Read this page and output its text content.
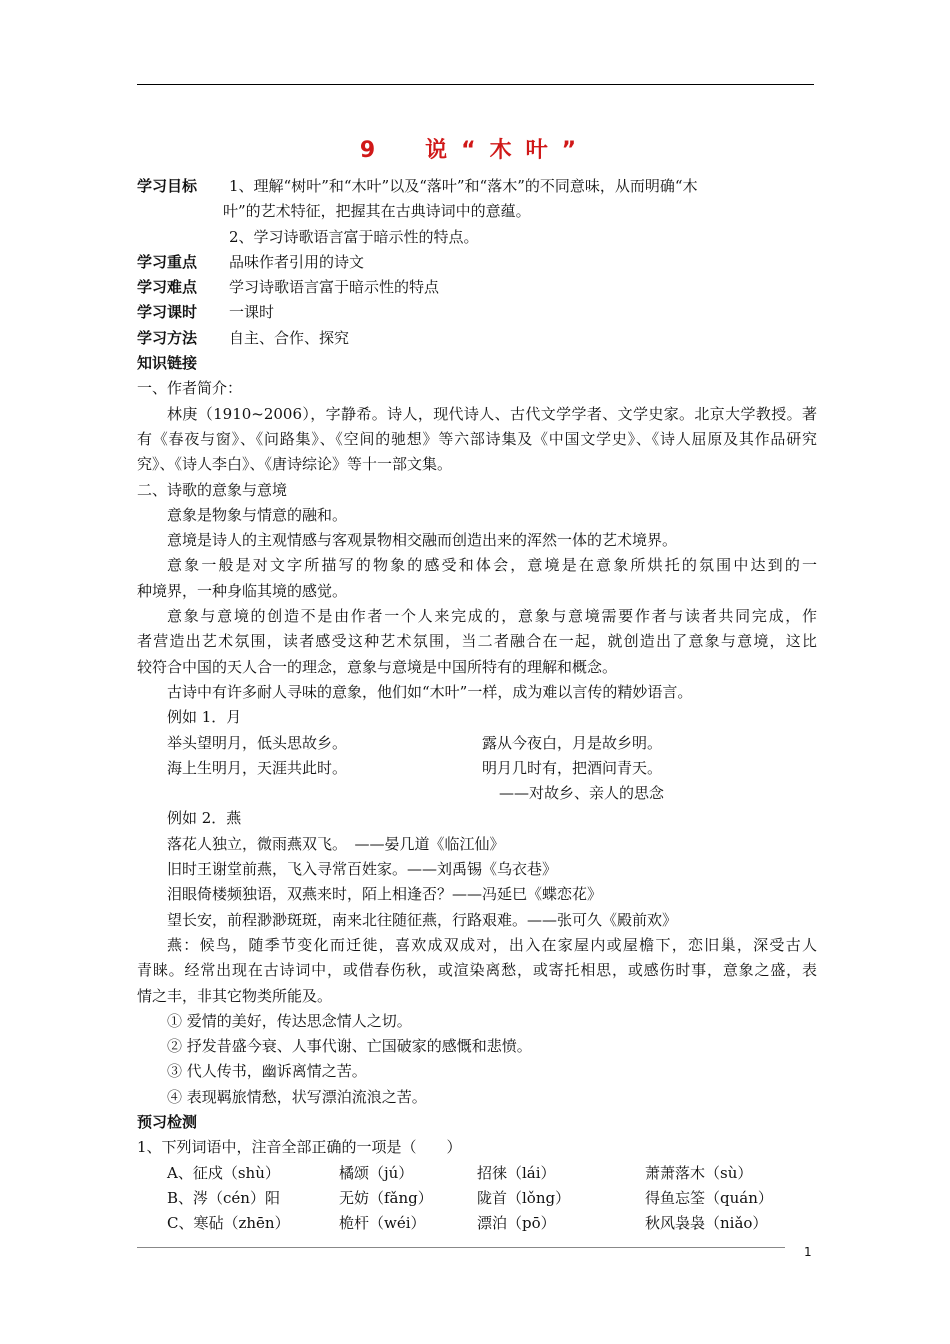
9　说“木叶”
学习目标 1、理解“树叶”和“木叶”以及“落叶”和“落木”的不同意味，从而明确“木
叶”的艺术特征，把握其在古典诗词中的意蕴。
2、学习诗歌语言富于暗示性的特点。
学习重点 品味作者引用的诗文
学习难点 学习诗歌语言富于暗示性的特点
学习课时 一课时
学习方法 自主、合作、探究
知识链接
一、作者简介：
林庚（1910~2006），字静希。诗人，现代诗人、古代文学学者、文学史家。北京大学教授。著
有《春夜与窗》、《问路集》、《空间的驰想》等六部诗集及《中国文学史》、《诗人屈原及其作品研究
究》、《诗人李白》、《唐诗综论》等十一部文集。
二、诗歌的意象与意境
意象是物象与情意的融和。
意境是诗人的主观情感与客观景物相交融而创造出来的浑然一体的艺术境界。
意象一般是对文字所描写的物象的感受和体会，意境是在意象所烘托的氛围中达到的一
种境界，一种身临其境的感觉。
意象与意境的创造不是由作者一个人来完成的，意象与意境需要作者与读者共同完成，作
者营造出艺术氛围，读者感受这种艺术氛围，当二者融合在一起，就创造出了意象与意境，这比
较符合中国的天人合一的理念，意象与意境是中国所特有的理解和概念。
古诗中有许多耐人寻味的意象，他们如“木叶”一样，成为难以言传的精妙语言。
例如 1．月
举头望明月，低头思故乡。	露从今夜白，月是故乡明。
海上生明月，天涯共此时。	明月几时有，把酒问青天。
——对故乡、亲人的思念
例如 2．燕
落花人独立，微雨燕双飞。　——晏几道《临江仙》
旧时王谢堂前燕，飞入寻常百姓家。——刘禹锡《乌衣巷》
泪眼倚楼频独语，双燕来时，陌上相逢否？——冯延巳《蝶恋花》
望长安，前程渺渺斑斑，南来北往随征燕，行路艰难。——张可久《殿前欢》
燕：候鸟，随季节变化而迁徙，喜欢成双成对，出入在家屋内或屋檐下，恋旧巢，深受古人
青睐。经常出现在古诗词中，或借春伤秋，或渲染离愁，或寄托相思，或感伤时事，意象之盛，表
情之丰，非其它物类所能及。
① 爱情的美好，传达思念情人之切。
② 抒发昔盛今衰、人事代谢、亡国破家的感慨和悲愤。
③ 代人传书，幽诉离情之苦。
④ 表现羁旅情愁，状写漂泊流浪之苦。
预习检测
1、下列词语中，注音全部正确的一项是（　　）
A、征戍（shù）	橘颂（jú）	招徕（lái）	萧萧落木（sù）
B、涔（cén）阳	无妨（fǎng）	陇首（lǒng）	得鱼忘筌（quán）
C、寒砧（zhēn）	桅杆（wéi）	漂泊（pō）	秋风袅袅（niǎo）
1
